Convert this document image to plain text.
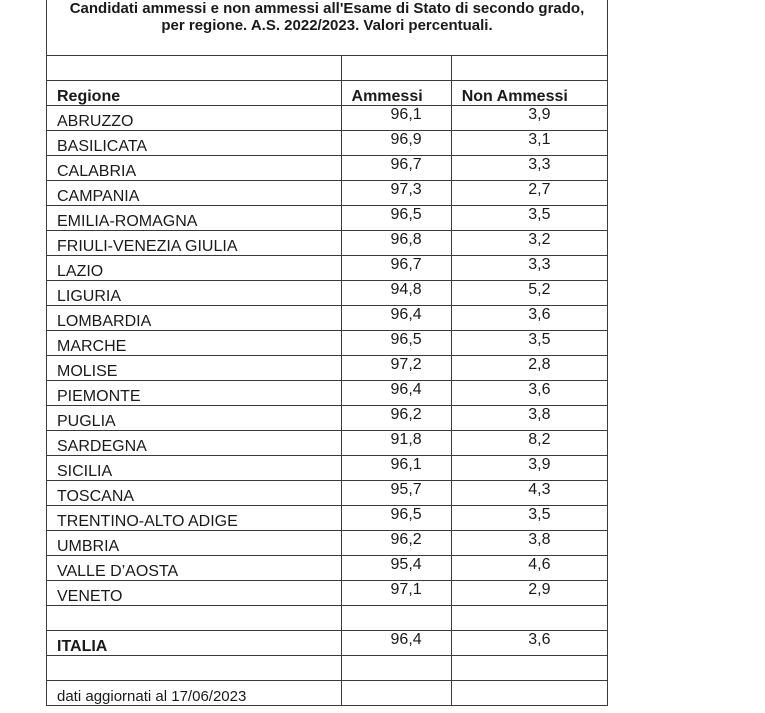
Candidati ammessi e non ammessi all'Esame di Stato di secondo grado,
per regione. A.S. 2022/2023. Valori percentuali.		

Regione	Ammessi	Non Ammessi
ABRUZZO	96,1	3,9
BASILICATA	96,9	3,1
CALABRIA	96,7	3,3
CAMPANIA	97,3	2,7
EMILIA-ROMAGNA	96,5	3,5
FRIULI-VENEZIA GIULIA	96,8	3,2
LAZIO	96,7	3,3
LIGURIA	94,8	5,2
LOMBARDIA	96,4	3,6
MARCHE	96,5	3,5
MOLISE	97,2	2,8
PIEMONTE	96,4	3,6
PUGLIA	96,2	3,8
SARDEGNA	91,8	8,2
SICILIA	96,1	3,9
TOSCANA	95,7	4,3
TRENTINO-ALTO ADIGE	96,5	3,5
UMBRIA	96,2	3,8
VALLE D’AOSTA	95,4	4,6
VENETO	97,1	2,9

ITALIA	96,4	3,6

dati aggiornati al 17/06/2023		
